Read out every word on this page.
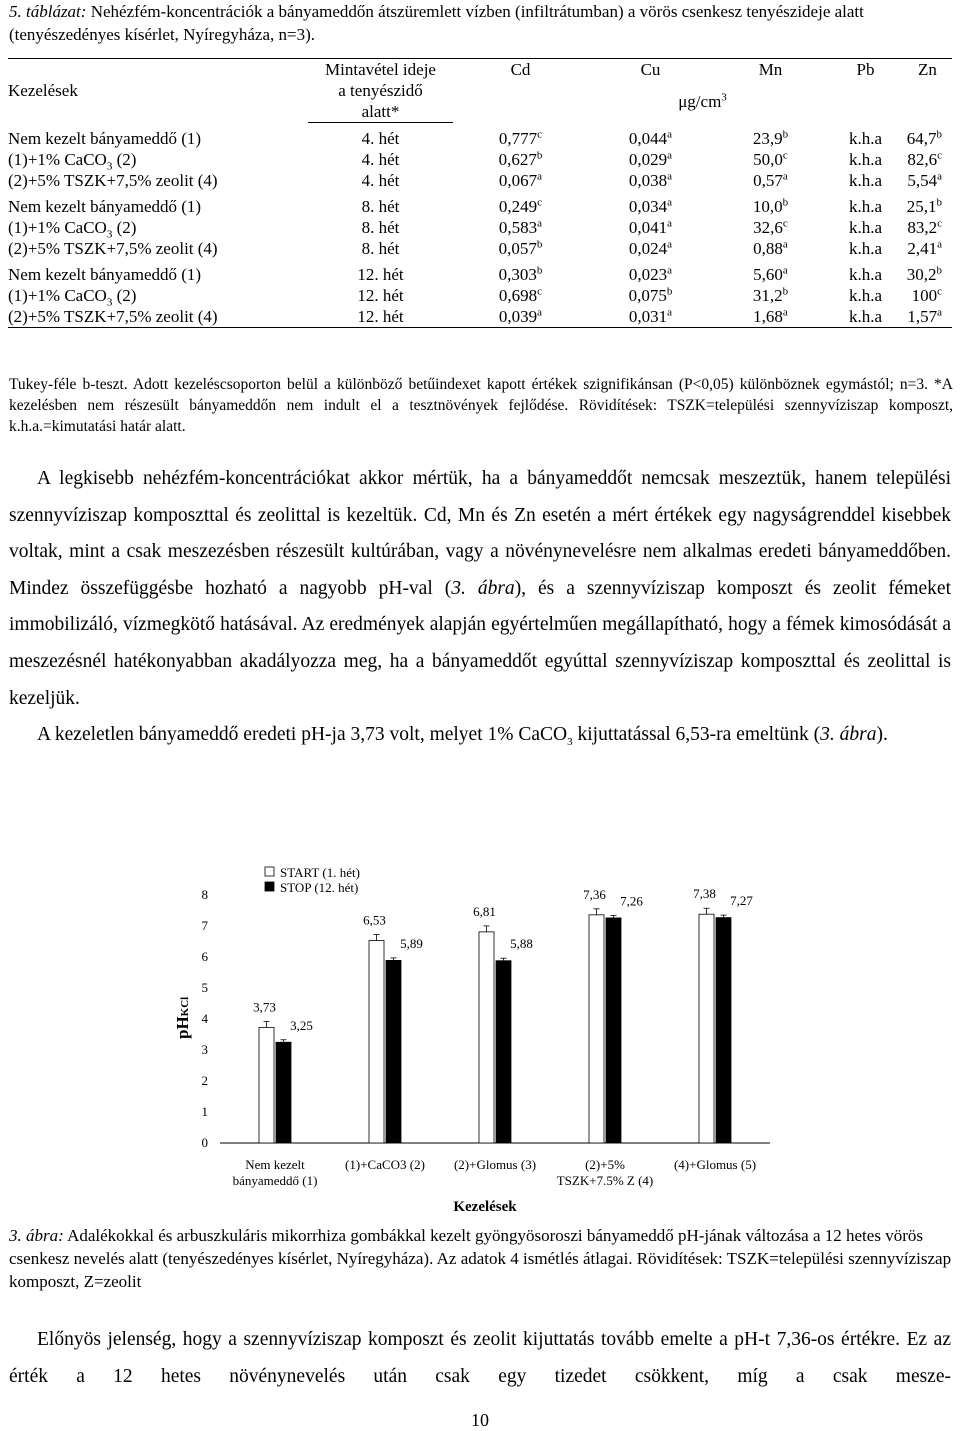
5. táblázat: Nehézfém-koncentrációk a bányameddőn átszüremlett vízben (infiltrátumban) a vörös csenkesz tenyészideje alatt (tenyészedényes kísérlet, Nyíregyháza, n=3).
Kezelések	Mintavétel ideje	Cd	Cu	Mn	Pb	Zn
	a tenyészidő	$\mu g/cm^3$
	alatt*					
Nem kezelt bányameddő (1)	4. hét	0,777$^c$	0,044$^a$	23,9$^b$	k.h.a	64,7$^b$
(1)+1% CaCO$_3$ (2)	4. hét	0,627$^b$	0,029$^a$	50,0$^c$	k.h.a	82,6$^c$
(2)+5% TSZK+7,5% zeolit (4)	4. hét	0,067$^a$	0,038$^a$	0,57$^a$	k.h.a	5,54$^a$
Nem kezelt bányameddő (1)	8. hét	0,249$^c$	0,034$^a$	10,0$^b$	k.h.a	25,1$^b$
(1)+1% CaCO$_3$ (2)	8. hét	0,583$^a$	0,041$^a$	32,6$^c$	k.h.a	83,2$^c$
(2)+5% TSZK+7,5% zeolit (4)	8. hét	0,057$^b$	0,024$^a$	0,88$^a$	k.h.a	2,41$^a$
Nem kezelt bányameddő (1)	12. hét	0,303$^b$	0,023$^a$	5,60$^a$	k.h.a	30,2$^b$
(1)+1% CaCO$_3$ (2)	12. hét	0,698$^c$	0,075$^b$	31,2$^b$	k.h.a	100$^c$
(2)+5% TSZK+7,5% zeolit (4)	12. hét	0,039$^a$	0,031$^a$	1,68$^a$	k.h.a	1,57$^a$
Tukey-féle b-teszt. Adott kezeléscsoporton belül a különböző betűindexet kapott értékek szignifikánsan (P<0,05) különböznek egymástól; n=3. *A kezelésben nem részesült bányameddőn nem indult el a tesztnövények fejlődése. Rövidítések: TSZK=települési szennyvíziszap komposzt, k.h.a.=kimutatási határ alatt.

A legkisebb nehézfém-koncentrációkat akkor mértük, ha a bányameddőt nemcsak meszeztük, hanem települési szennyvíziszap komposzttal és zeolittal is kezeltük. Cd, Mn és Zn esetén a mért értékek egy nagyságrenddel kisebbek voltak, mint a csak meszezésben részesült kultúrában, vagy a növénynevelésre nem alkalmas eredeti bányameddőben. Mindez összefüggésbe hozható a nagyobb pH-val (3. ábra), és a szennyvíziszap komposzt és zeolit fémeket immobilizáló, vízmegkötő hatásával. Az eredmények alapján egyértelműen megállapítható, hogy a fémek kimosódását a meszezésnél hatékonyabban akadályozza meg, ha a bányameddőt egyúttal szennyvíziszap komposzttal és zeolittal is kezeljük.

A kezeletlen bányameddő eredeti pH-ja 3,73 volt, melyet 1% CaCO$_3$ kijuttatással 6,53-ra emeltünk (3. ábra).

0
1
2
3
4
5
6
7
8
pHKCl	3,73
3,25
6,53
5,89
6,81
5,88
7,36 7,26	7,38 7,27
Nem kezelt bányameddő (1)
(1)+CaCO3 (2) (2)+Glomus (3)	(2)+5% TSZK+7.5% Z (4)
(4)+Glomus (5)
Kezelések
START (1. hét)
STOP (12. hét)
3. ábra: Adalékokkal és arbuszkuláris mikorrhiza gombákkal kezelt gyöngyösoroszi bányameddő pH-jának változása a 12 hetes vörös csenkesz nevelés alatt (tenyészedényes kísérlet, Nyíregyháza). Az adatok 4 ismétlés átlagai. Rövidítések: TSZK=települési szennyvíziszap komposzt, Z=zeolit

Előnyös jelenség, hogy a szennyvíziszap komposzt és zeolit kijuttatás tovább emelte a pH-t 7,36-os értékre. Ez az érték a 12 hetes növénynevelés után csak egy tizedet csökkent, míg a csak mesze-

10
